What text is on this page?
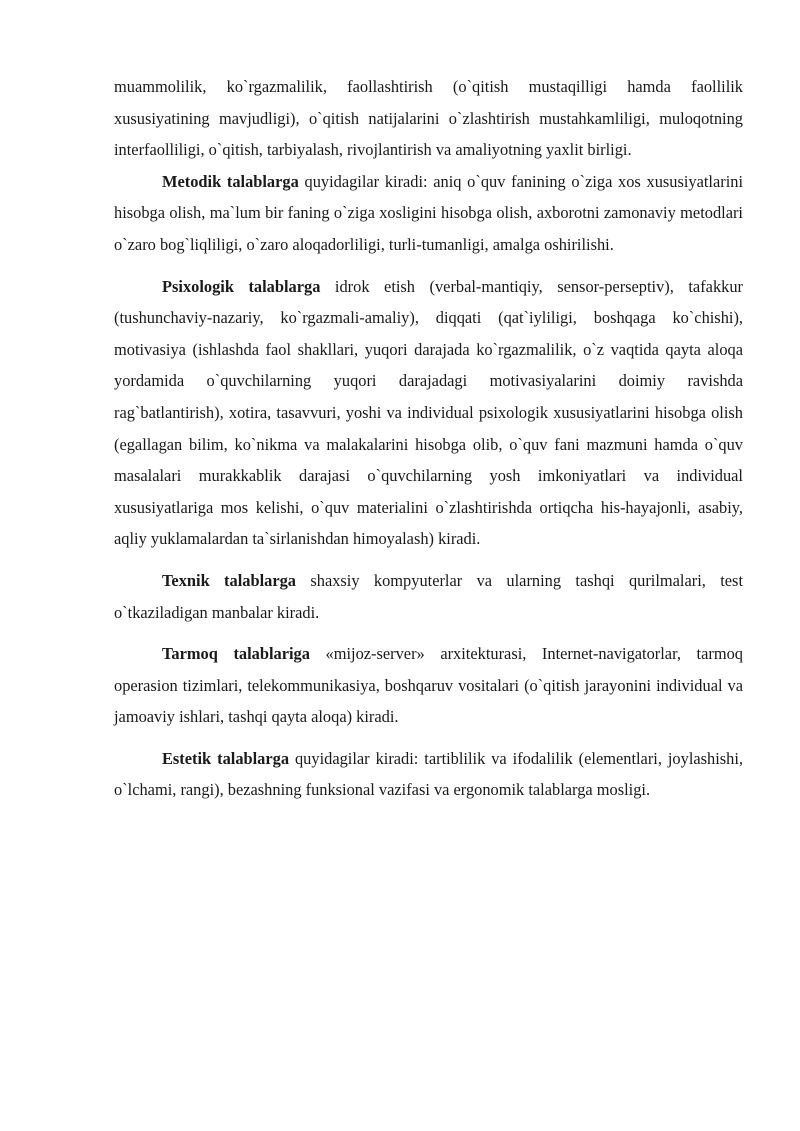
muammolilik, ko`rgazmalilik, faollashtirish (o`qitish mustaqilligi hamda faollilik xususiyatining mavjudligi), o`qitish natijalarini o`zlashtirish mustahkamliligi, muloqotning interfaolliligi, o`qitish, tarbiyalash, rivojlantirish va amaliyotning yaxlit birligi.

Metodik talablarga quyidagilar kiradi: aniq o`quv fanining o`ziga xos xususiyatlarini hisobga olish, ma`lum bir faning o`ziga xosligini hisobga olish, axborotni zamonaviy metodlari o`zaro bog`liqliligi, o`zaro aloqadorliligi, turli-tumanligi, amalga oshirilishi.

Psixologik talablarga idrok etish (verbal-mantiqiy, sensor-perseptiv), tafakkur (tushunchaviy-nazariy, ko`rgazmali-amaliy), diqqati (qat`iyliligi, boshqaga ko`chishi), motivasiya (ishlashda faol shakllari, yuqori darajada ko`rgazmalilik, o`z vaqtida qayta aloqa yordamida o`quvchilarning yuqori darajadagi motivasiyalarini doimiy ravishda rag`batlantirish), xotira, tasavvuri, yoshi va individual psixologik xususiyatlarini hisobga olish (egallagan bilim, ko`nikma va malakalarini hisobga olib, o`quv fani mazmuni hamda o`quv masalalari murakkablik darajasi o`quvchilarning yosh imkoniyatlari va individual xususiyatlariga mos kelishi, o`quv materialini o`zlashtirishda ortiqcha his-hayajonli, asabiy, aqliy yuklamalardan ta`sirlanishdan himoyalash) kiradi.

Texnik talablarga shaxsiy kompyuterlar va ularning tashqi qurilmalari, test o`tkaziladigan manbalar kiradi.

Tarmoq talablariga «mijoz-server» arxitekturasi, Internet-navigatorlar, tarmoq operasion tizimlari, telekommunikasiya, boshqaruv vositalari (o`qitish jarayonini individual va jamoaviy ishlari, tashqi qayta aloqa) kiradi.

Estetik talablarga quyidagilar kiradi: tartiblilik va ifodalilik (elementlari, joylashishi, o`lchami, rangi), bezashning funksional vazifasi va ergonomik talablarga mosligi.
